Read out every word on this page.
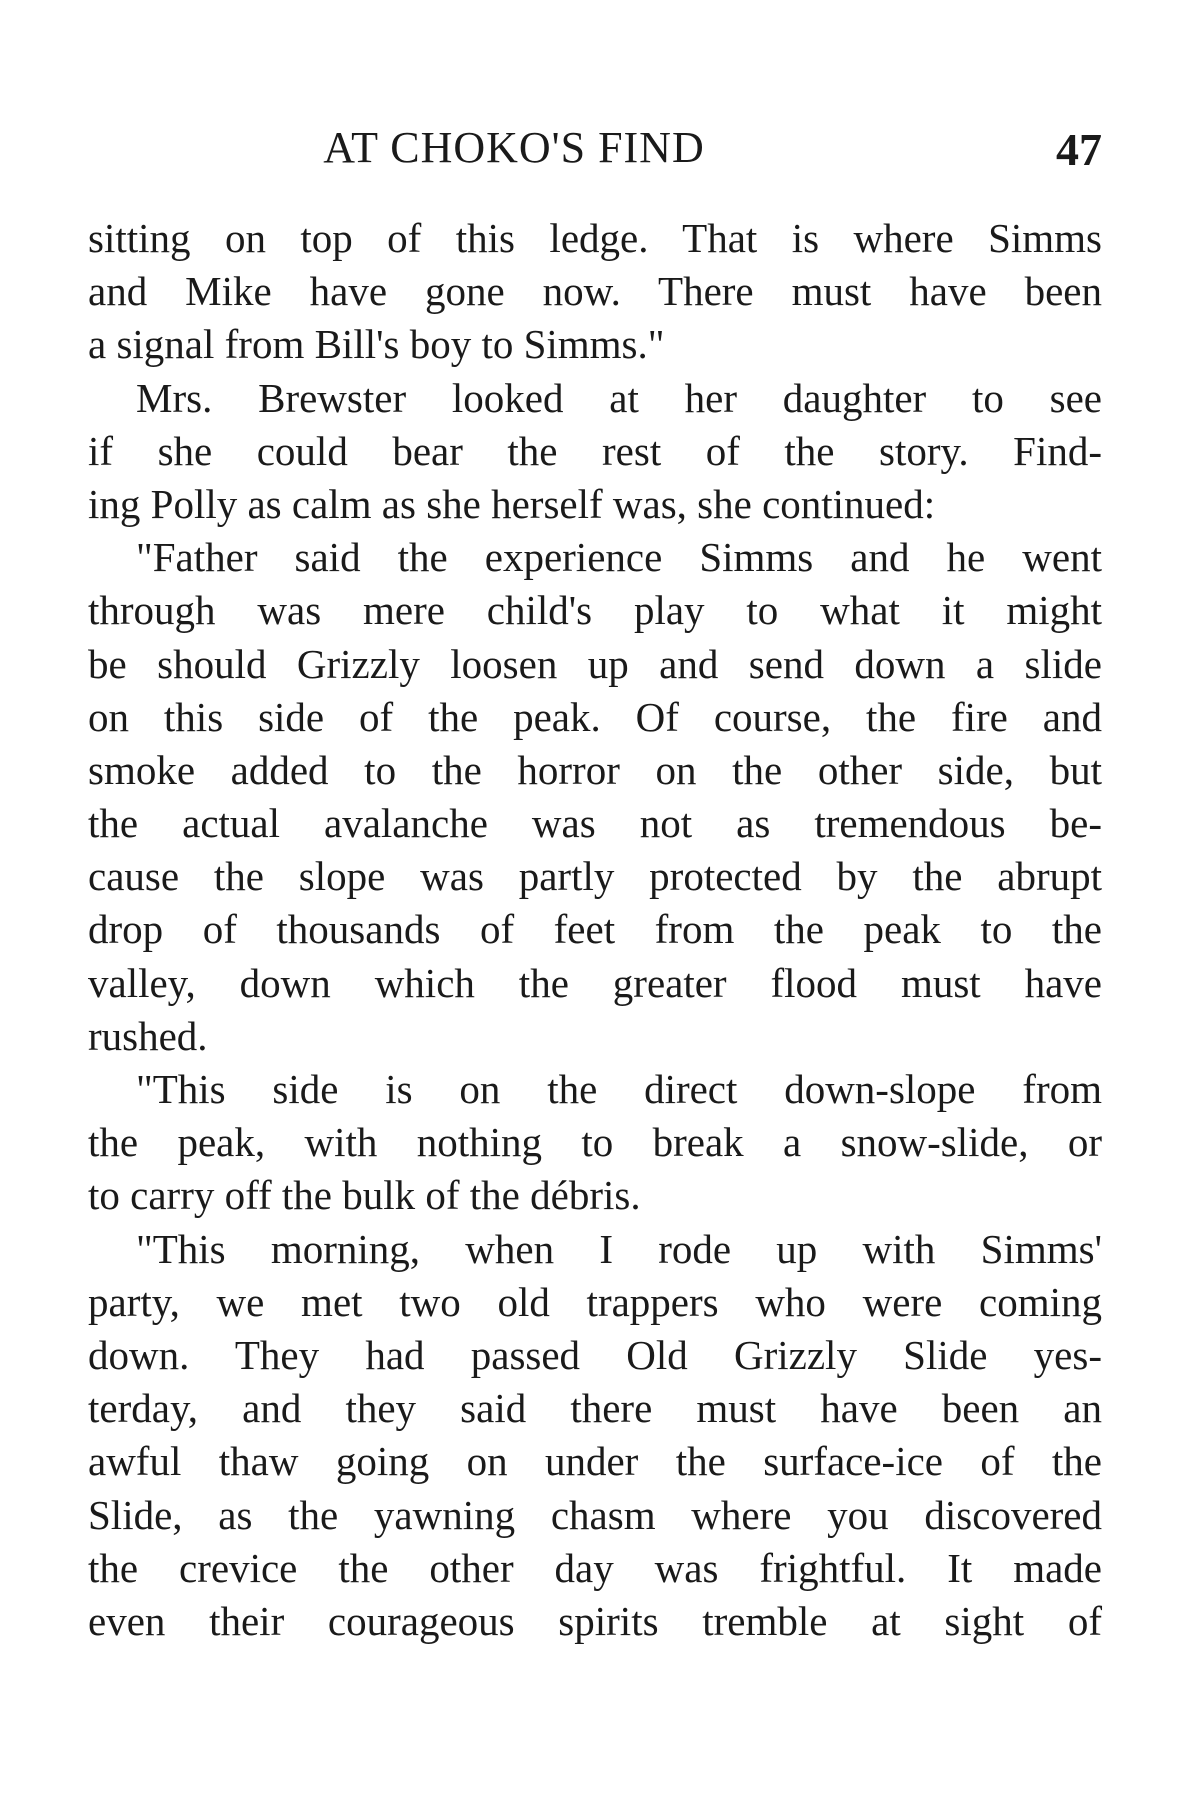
AT CHOKO'S FIND	47
sitting on top of this ledge. That is where Simms
and Mike have gone now. There must have been
a signal from Bill's boy to Simms."
Mrs. Brewster looked at her daughter to see
if she could bear the rest of the story. Find-
ing Polly as calm as she herself was, she continued:
"Father said the experience Simms and he went
through was mere child's play to what it might
be should Grizzly loosen up and send down a slide
on this side of the peak. Of course, the fire and
smoke added to the horror on the other side, but
the actual avalanche was not as tremendous be-
cause the slope was partly protected by the abrupt
drop of thousands of feet from the peak to the
valley, down which the greater flood must have
rushed.
"This side is on the direct down-slope from
the peak, with nothing to break a snow-slide, or
to carry off the bulk of the débris.
"This morning, when I rode up with Simms'
party, we met two old trappers who were coming
down. They had passed Old Grizzly Slide yes-
terday, and they said there must have been an
awful thaw going on under the surface-ice of the
Slide, as the yawning chasm where you discovered
the crevice the other day was frightful. It made
even their courageous spirits tremble at sight of
